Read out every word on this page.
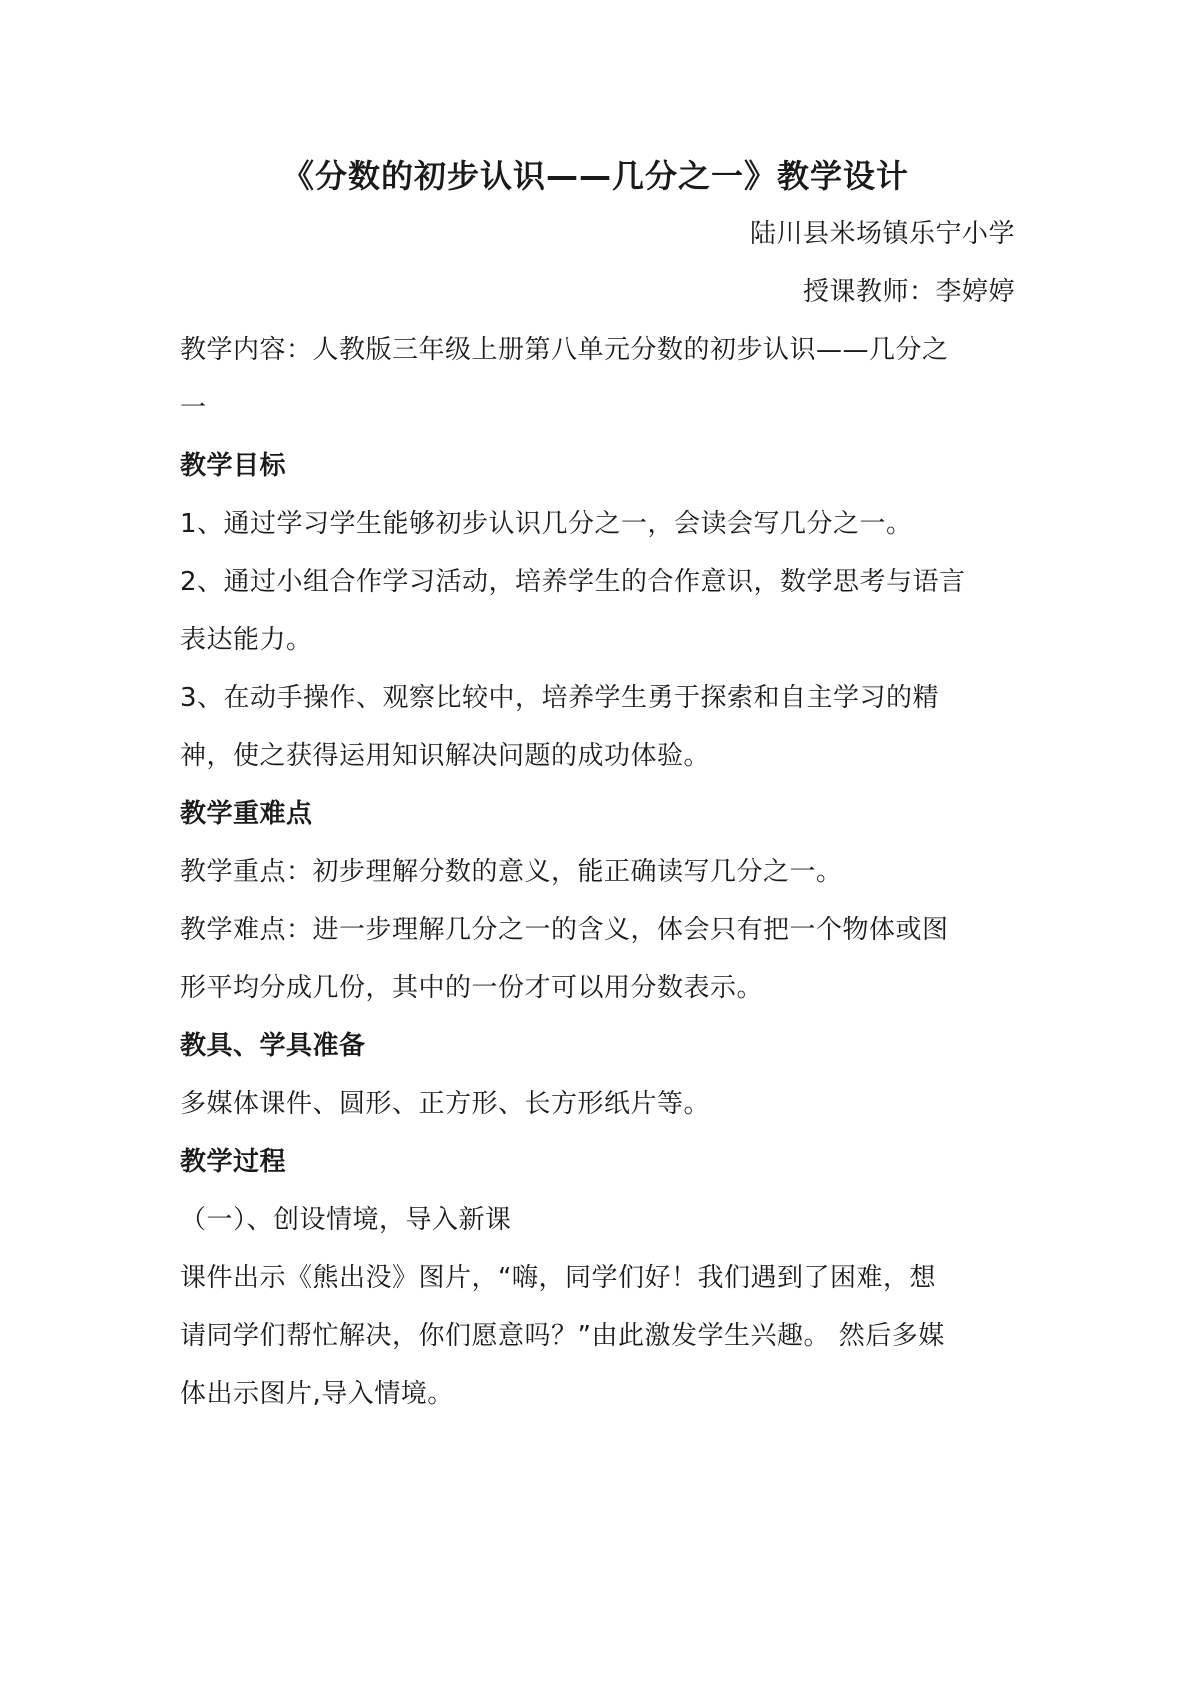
《分数的初步认识——几分之一》教学设计
陆川县米场镇乐宁小学
授课教师：李婷婷
教学内容：人教版三年级上册第八单元分数的初步认识——几分之
一
教学目标
1、通过学习学生能够初步认识几分之一，会读会写几分之一。
2、通过小组合作学习活动，培养学生的合作意识，数学思考与语言
表达能力。
3、在动手操作、观察比较中，培养学生勇于探索和自主学习的精
神，使之获得运用知识解决问题的成功体验。
教学重难点
教学重点：初步理解分数的意义，能正确读写几分之一。
教学难点：进一步理解几分之一的含义，体会只有把一个物体或图
形平均分成几份，其中的一份才可以用分数表示。
教具、学具准备
多媒体课件、圆形、正方形、长方形纸片等。
教学过程
（一）、创设情境，导入新课
课件出示《熊出没》图片，“嗨，同学们好！我们遇到了困难，想
请同学们帮忙解决，你们愿意吗？”由此激发学生兴趣。 然后多媒
体出示图片,导入情境。
